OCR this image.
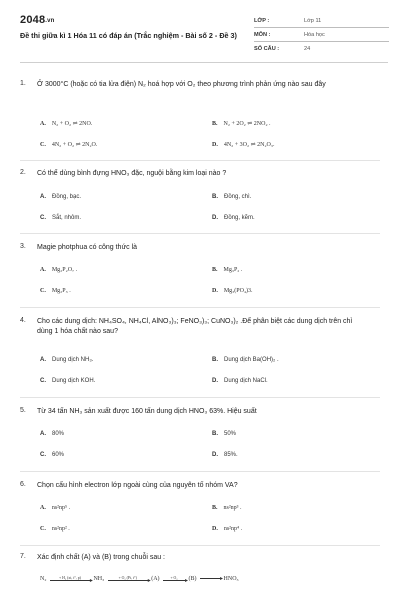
2048.vn
Đề thi giữa kì 1 Hóa 11 có đáp án (Trắc nghiệm - Bài số 2 - Đề 3)
LỚP :	Lớp 11
MÔN :	Hóa học
SỐ CÂU :	24
1. Ở 3000°C (hoặc có tia lửa điện) N₂ hoá hợp với O₂ theo phương trình phản ứng nào sau đây
A. N₂ + O₂ ⇌ 2NO.	B. N₂ + 2O₂ ⇌ 2NO₂ .
C. 4N₂ + O₂ ⇌ 2N₂O.	D. 4N₂ + 3O₂ ⇌ 2N₂O₃.
2. Có thể dùng bình đựng HNO₃ đặc, nguội bằng kim loại nào ?
A. Đồng, bạc.	B. Đồng, chì.
C. Sắt, nhôm.	D. Đồng, kẽm.
3. Magie photphua có công thức là
A. Mg₂P₂O₇ .	B. Mg₃P₂ .
C. Mg₂P₃ .	D. Mg₃(PO₄)3.
4. Cho các dung dịch: NH₄SO₄, NH₄Cl, AlNO₃)₃; FeNO₃)₃; CuNO₃)₂ .Để phân biệt các dung dịch trên chỉ dùng 1 hóa chất nào sau?
A. Dung dịch NH₃.	B. Dung dịch Ba(OH)₂ .
C. Dung dịch KOH.	D. Dung dịch NaCl.
5. Từ 34 tấn NH₃ sản xuất được 160 tấn dung dịch HNO₃ 63%. Hiệu suất
A. 80%	B. 50%
C. 60%	D. 85%.
6. Chọn cấu hình electron lớp ngoài cùng của nguyên tố nhóm VA?
A. ns²np⁵ .	B. ns²np³ .
C. ns²np² .	D. ns²np⁴ .
7. Xác định chất (A) và (B) trong chuỗi sau :
N₂	+ H₂ (xt, t°, p)	▸ NH₃	+ O₂ (Pt, t°)	▸ (A)	+ O₂	▸ (B)	▸ HNO₃
